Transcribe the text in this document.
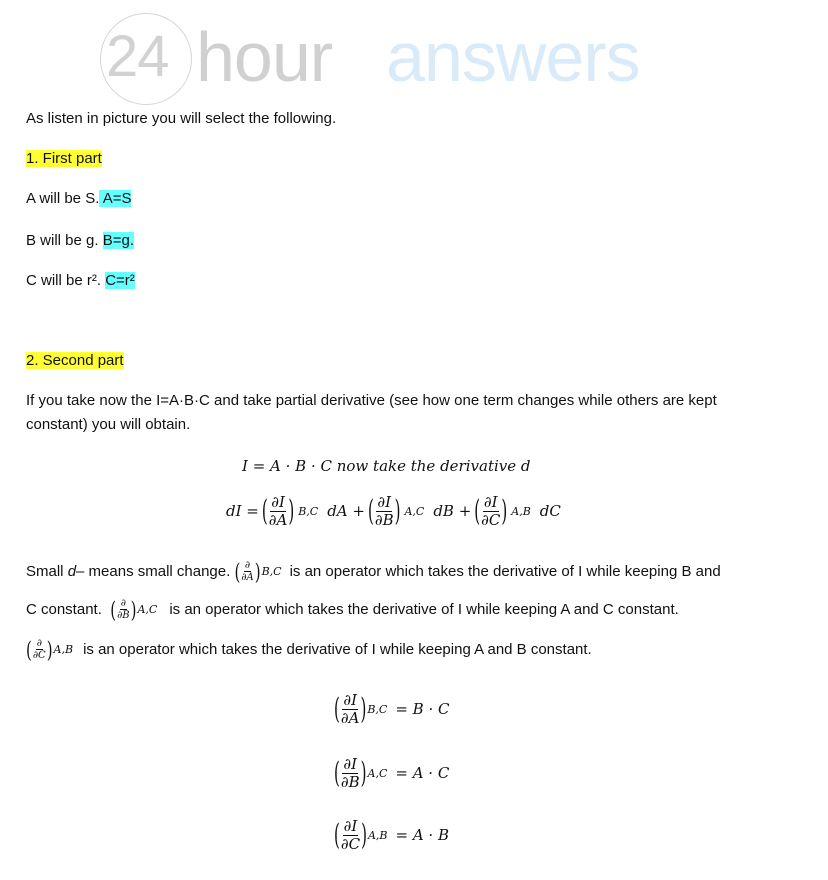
24 hour answers
As listen in picture you will select the following.
1. First part
A will be S. A=S
B will be g. B=g.
C will be r². C=r²
2. Second part
If you take now the I=A·B·C and take partial derivative (see how one term changes while others are kept
constant) you will obtain.
I = A · B · C now take the derivative d
dI = ( $\frac{\partial I}{\partial A}$ ) B,C dA + ( $\frac{\partial I}{\partial B}$ ) A,C dB + ( $\frac{\partial I}{\partial C}$ ) A,B dC
Small
d – means small change.
( $\frac{\partial}{\partial A}$ ) B,C is an operator which takes the derivative of I while keeping B and
C constant.
( $\frac{\partial}{\partial B}$ ) A,C is an operator which takes the derivative of I while keeping A and C constant.
( $\frac{\partial}{\partial C}$ ) A,B is an operator which takes the derivative of I while keeping A and B constant.
( $\frac{\partial I}{\partial A}$ ) B,C = B · C
( $\frac{\partial I}{\partial B}$ ) A,C = A · C
( $\frac{\partial I}{\partial C}$ ) A,B = A · B
